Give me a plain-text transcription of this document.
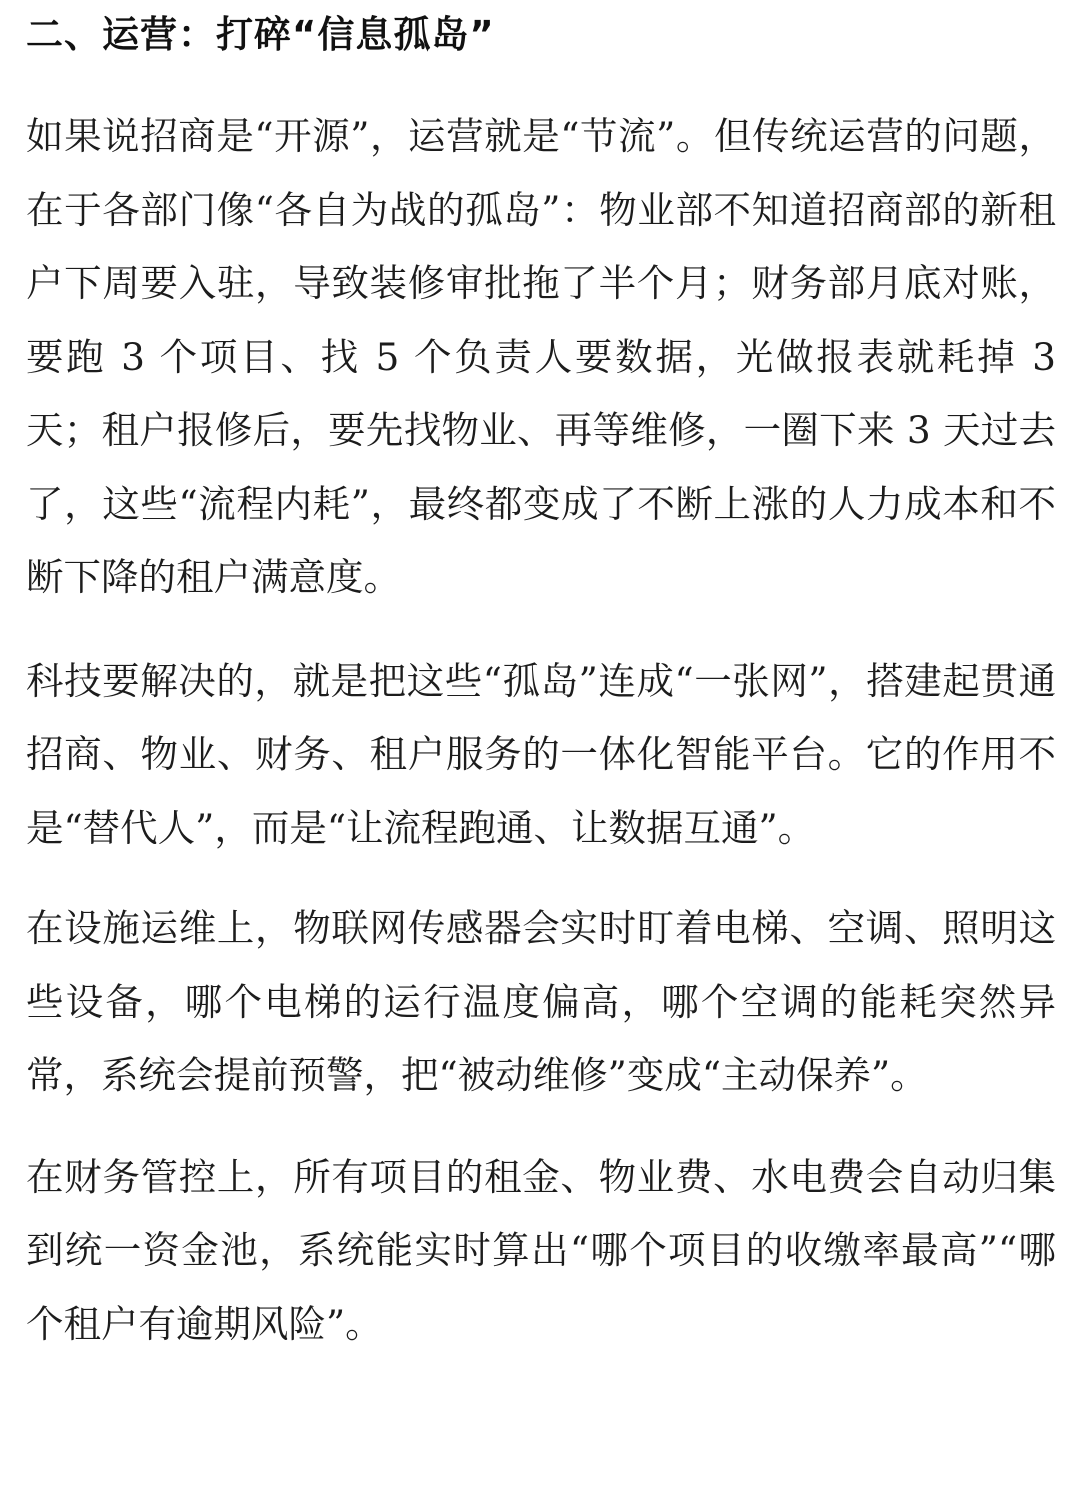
二、运营：打碎“信息孤岛”

如果说招商是“开源”，运营就是“节流”。但传统运营的问题，在于各部门像“各自为战的孤岛”：物业部不知道招商部的新租户下周要入驻，导致装修审批拖了半个月；财务部月底对账，要跑 3 个项目、找 5 个负责人要数据，光做报表就耗掉 3 天；租户报修后，要先找物业、再等维修，一圈下来 3 天过去了，这些“流程内耗”，最终都变成了不断上涨的人力成本和不断下降的租户满意度。

科技要解决的，就是把这些“孤岛”连成“一张网”，搭建起贯通招商、物业、财务、租户服务的一体化智能平台。它的作用不是“替代人”，而是“让流程跑通、让数据互通”。

在设施运维上，物联网传感器会实时盯着电梯、空调、照明这些设备，哪个电梯的运行温度偏高，哪个空调的能耗突然异常，系统会提前预警，把“被动维修”变成“主动保养”。

在财务管控上，所有项目的租金、物业费、水电费会自动归集到统一资金池，系统能实时算出“哪个项目的收缴率最高”“哪个租户有逾期风险”。
